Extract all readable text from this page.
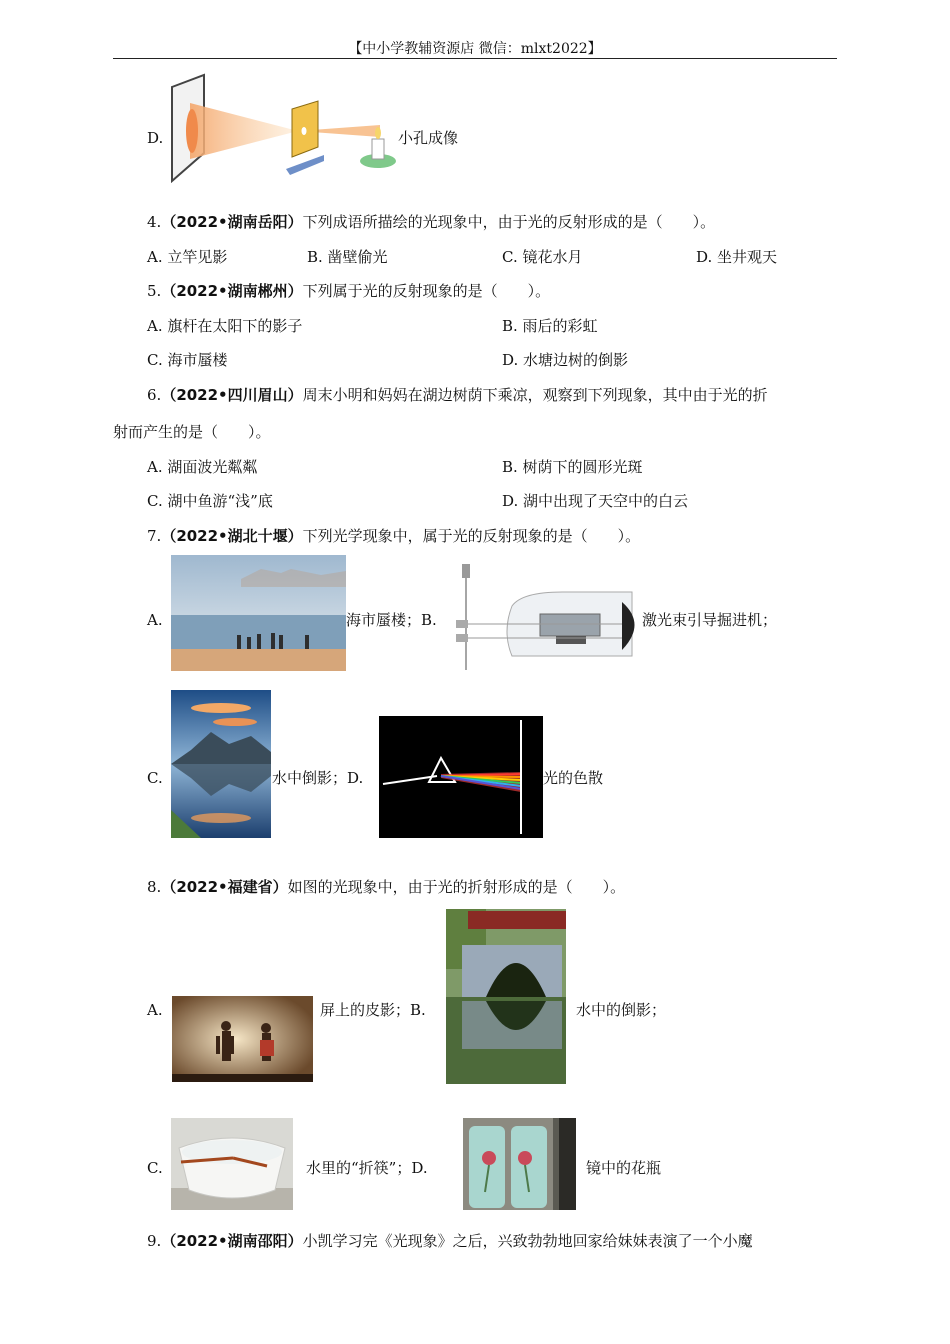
【中小学教辅资源店 微信：mlxt2022】
D.	小孔成像
4.（2022•湖南岳阳）下列成语所描绘的光现象中，由于光的反射形成的是（　　）。
A. 立竿见影	B. 凿壁偷光	C. 镜花水月	D. 坐井观天
5.（2022•湖南郴州）下列属于光的反射现象的是（　　）。
A. 旗杆在太阳下的影子	B. 雨后的彩虹
C. 海市蜃楼	D. 水塘边树的倒影
6.（2022•四川眉山）周末小明和妈妈在湖边树荫下乘凉，观察到下列现象，其中由于光的折
射而产生的是（　　）。
A. 湖面波光粼粼	B. 树荫下的圆形光斑
C. 湖中鱼游“浅”底	D. 湖中出现了天空中的白云
7.（2022•湖北十堰）下列光学现象中，属于光的反射现象的是（　　）。
A.	海市蜃楼；B.	激光束引导掘进机；
C.	水中倒影；D.	光的色散
8.（2022•福建省）如图的光现象中，由于光的折射形成的是（　　）。
A.	屏上的皮影；B.	水中的倒影；
C.	水里的“折筷”；D.	镜中的花瓶
9.（2022•湖南邵阳）小凯学习完《光现象》之后，兴致勃勃地回家给妹妹表演了一个小魔
